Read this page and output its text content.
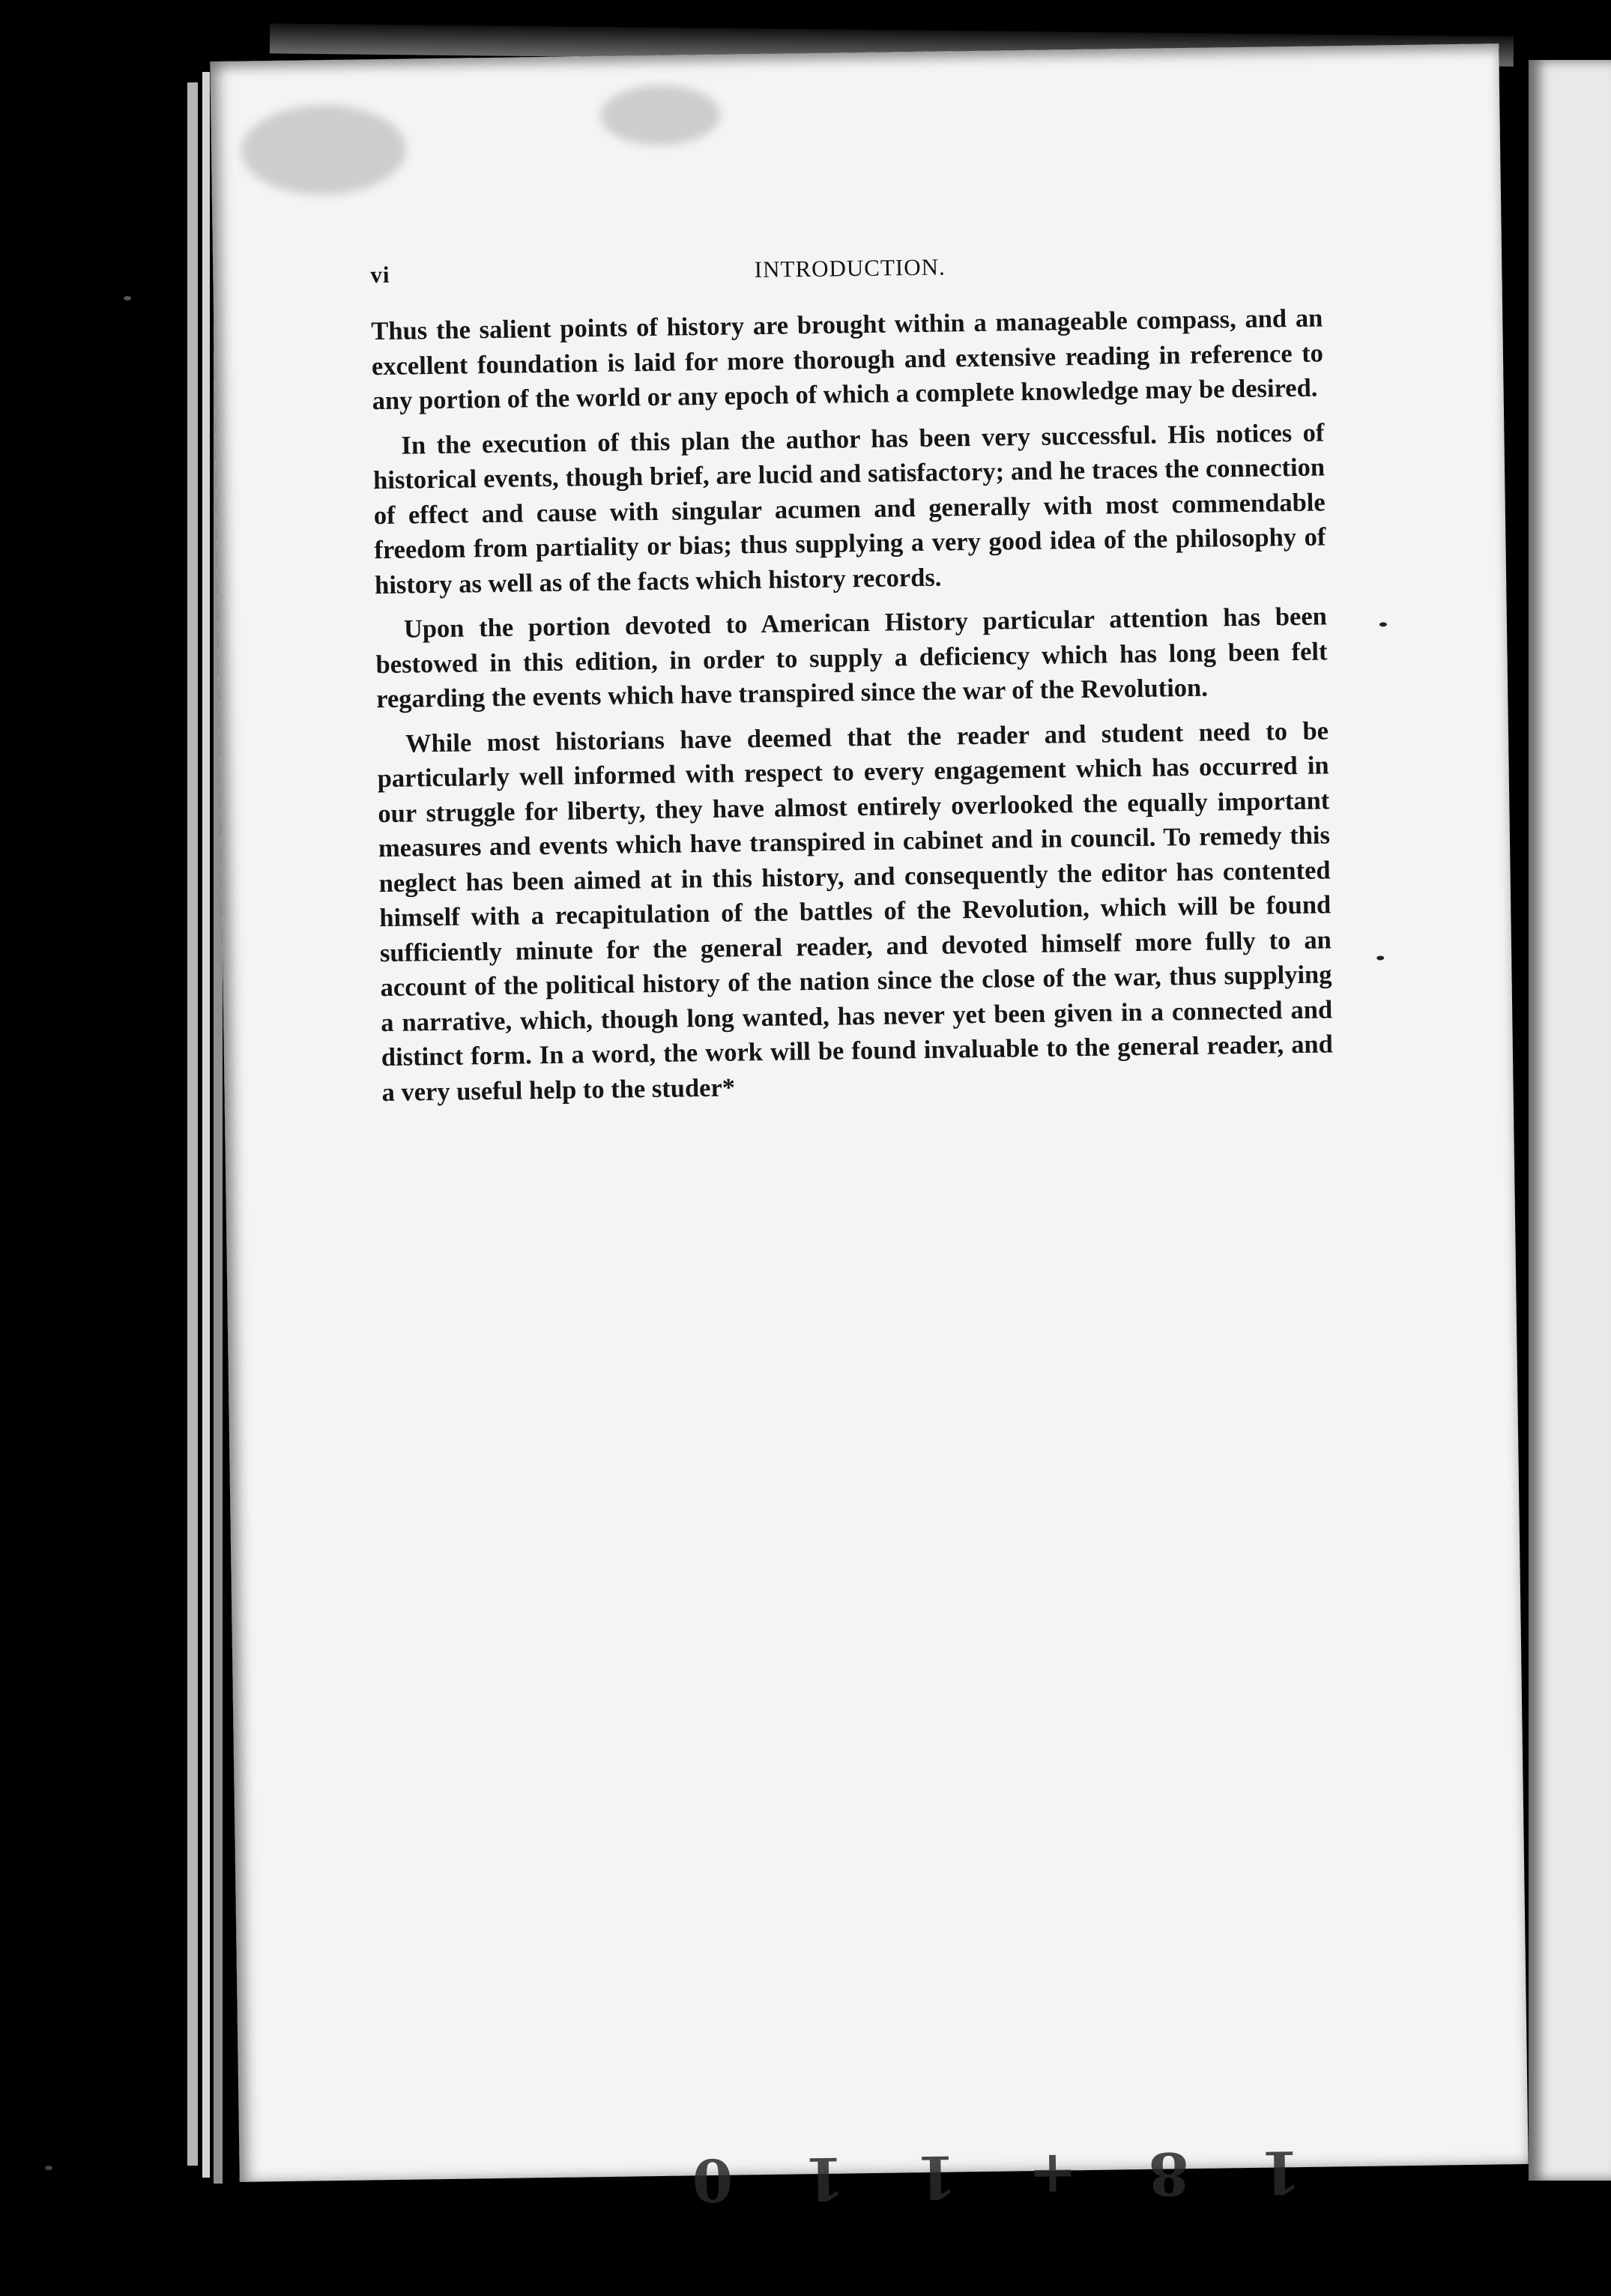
vi	INTRODUCTION.

Thus the salient points of history are brought within a manageable compass, and an excellent foundation is laid for more thorough and extensive reading in reference to any portion of the world or any epoch of which a complete knowledge may be desired.

In the execution of this plan the author has been very successful. His notices of historical events, though brief, are lucid and satisfactory; and he traces the connection of effect and cause with singular acumen and generally with most commendable freedom from partiality or bias; thus supplying a very good idea of the philosophy of history as well as of the facts which history records.

Upon the portion devoted to American History particular attention has been bestowed in this edition, in order to supply a deficiency which has long been felt regarding the events which have transpired since the war of the Revolution.

While most historians have deemed that the reader and student need to be particularly well informed with respect to every engagement which has occurred in our struggle for liberty, they have almost entirely overlooked the equally important measures and events which have transpired in cabinet and in council. To remedy this neglect has been aimed at in this history, and consequently the editor has contented himself with a recapitulation of the battles of the Revolution, which will be found sufficiently minute for the general reader, and devoted himself more fully to an account of the political history of the nation since the close of the war, thus supplying a narrative, which, though long wanted, has never yet been given in a connected and distinct form. In a word, the work will be found invaluable to the general reader, and a very useful help to the studer*

1 8 + 1 1 0
